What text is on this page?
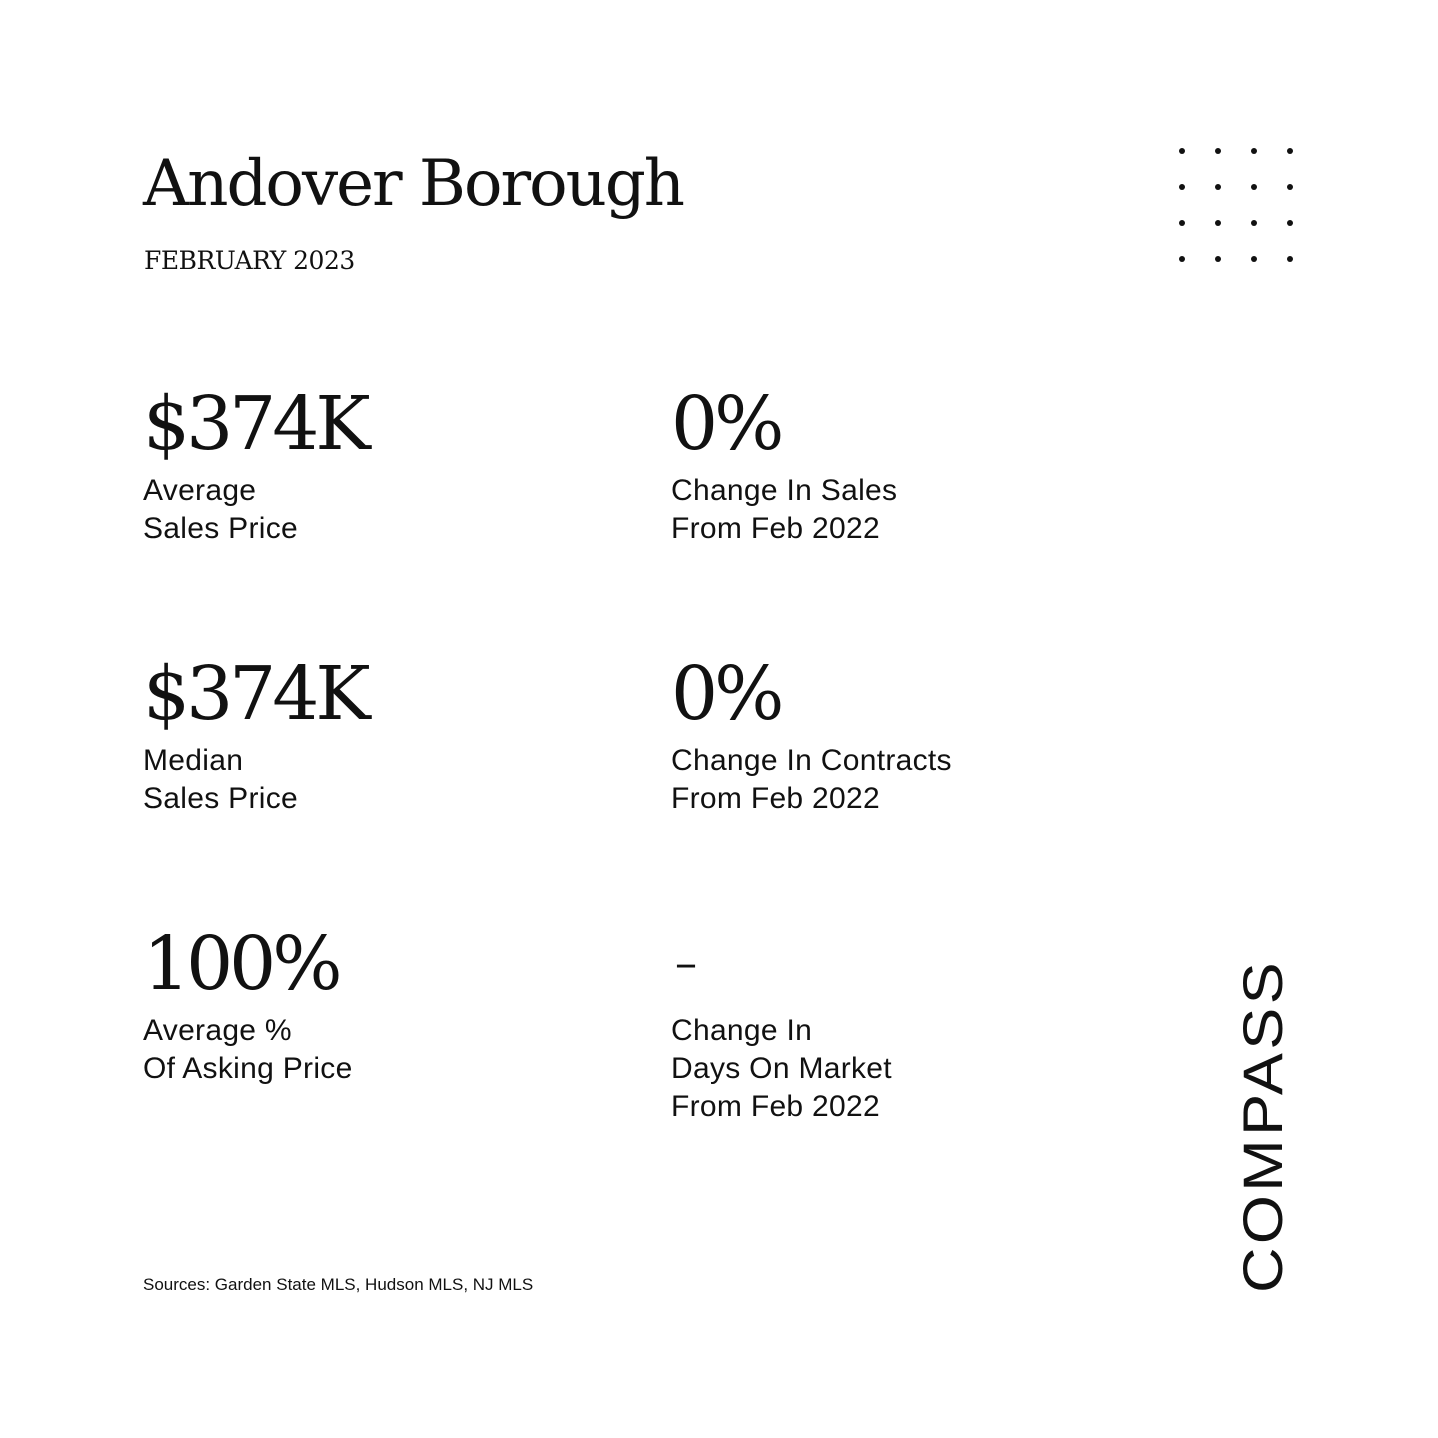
Andover Borough
FEBRUARY 2023
$374K
Average
Sales Price
0%
Change In Sales
From Feb 2022
$374K
Median
Sales Price
0%
Change In Contracts
From Feb 2022
100%
Average %
Of Asking Price
–
Change In
Days On Market
From Feb 2022
Sources: Garden State MLS, Hudson MLS, NJ MLS	COMPASS
